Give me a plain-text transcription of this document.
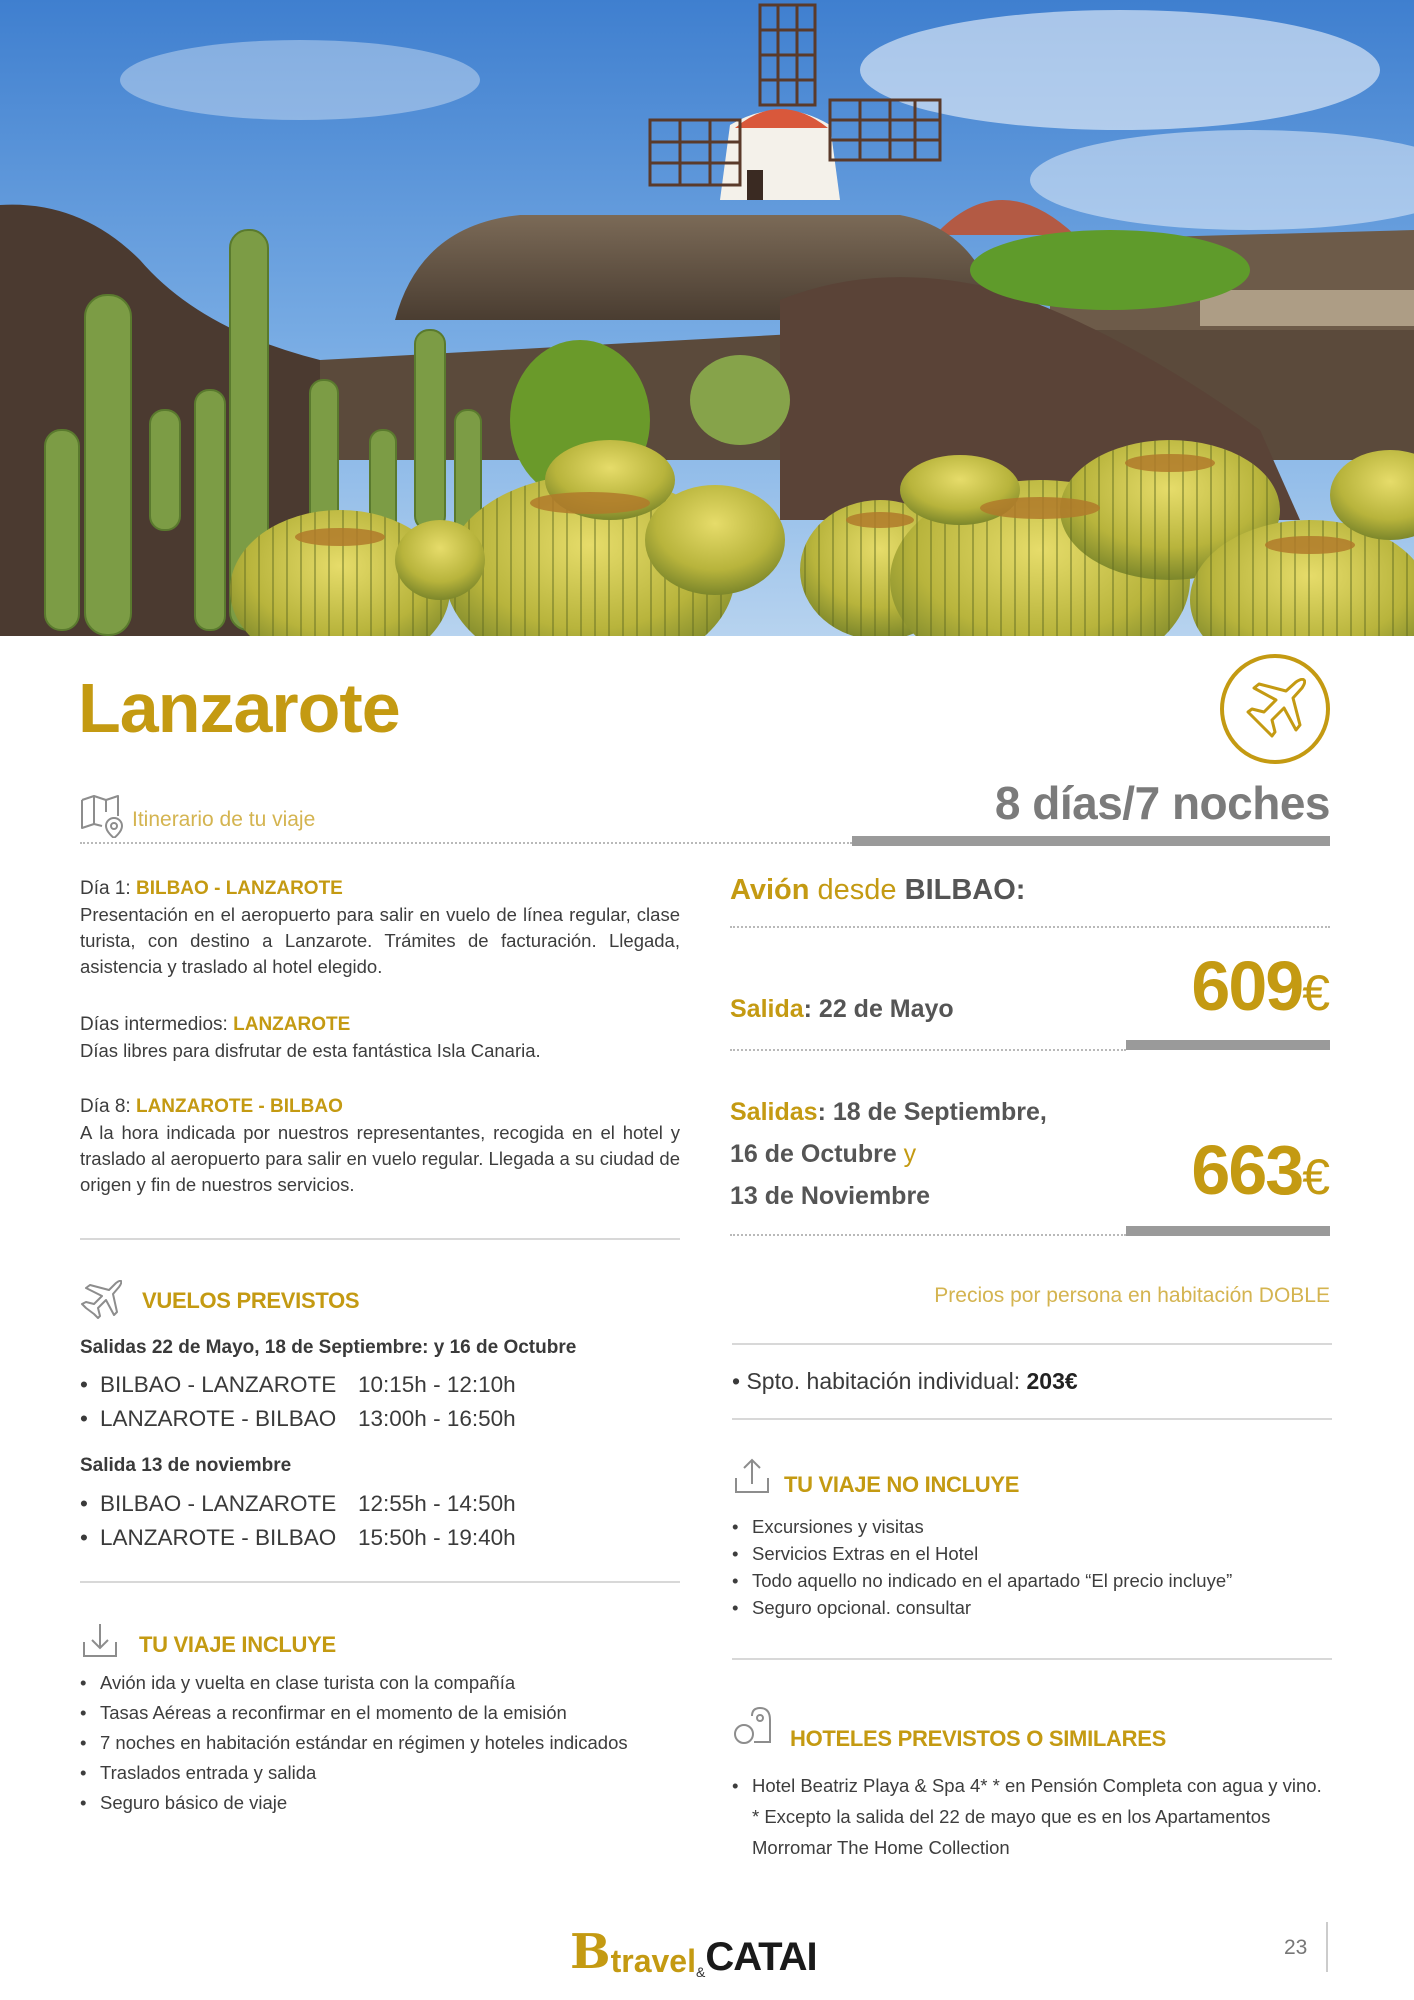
Lanzarote
8 días/7 noches
Itinerario de tu viaje
Día 1: BILBAO - LANZAROTE

Presentación en el aeropuerto para salir en vuelo de línea regular, clase turista, con destino a Lanzarote. Trámites de facturación. Llegada, asistencia y traslado al hotel elegido.

Días intermedios: LANZAROTE

Días libres para disfrutar de esta fantástica Isla Canaria.

Día 8: LANZAROTE - BILBAO

A la hora indicada por nuestros representantes, recogida en el hotel y traslado al aeropuerto para salir en vuelo regular. Llegada a su ciudad de origen y fin de nuestros servicios.

VUELOS PREVISTOS
Salidas 22 de Mayo, 18 de Septiembre: y 16 de Octubre
• BILBAO - LANZAROTE 10:15h - 12:10h
• LANZAROTE - BILBAO 13:00h - 16:50h
Salida 13 de noviembre
• BILBAO - LANZAROTE 12:55h - 14:50h
• LANZAROTE - BILBAO 15:50h - 19:40h
TU VIAJE INCLUYE
• Avión ida y vuelta en clase turista con la compañía
• Tasas Aéreas a reconfirmar en el momento de la emisión
• 7 noches en habitación estándar en régimen y hoteles indicados
• Traslados entrada y salida
• Seguro básico de viaje
Avión desde BILBAO:
Salida: 22 de Mayo	609€
Salidas: 18 de Septiembre,
16 de Octubre y
13 de Noviembre	663€
Precios por persona en habitación DOBLE
• Spto. habitación individual: 203€
TU VIAJE NO INCLUYE
• Excursiones y visitas
• Servicios Extras en el Hotel
• Todo aquello no indicado en el apartado “El precio incluye”
• Seguro opcional. consultar
HOTELES PREVISTOS O SIMILARES
• Hotel Beatriz Playa & Spa 4* * en Pensión Completa con agua y vino.
* Excepto la salida del 22 de mayo que es en los Apartamentos Morromar The Home Collection
Btravel&CATAI	23
